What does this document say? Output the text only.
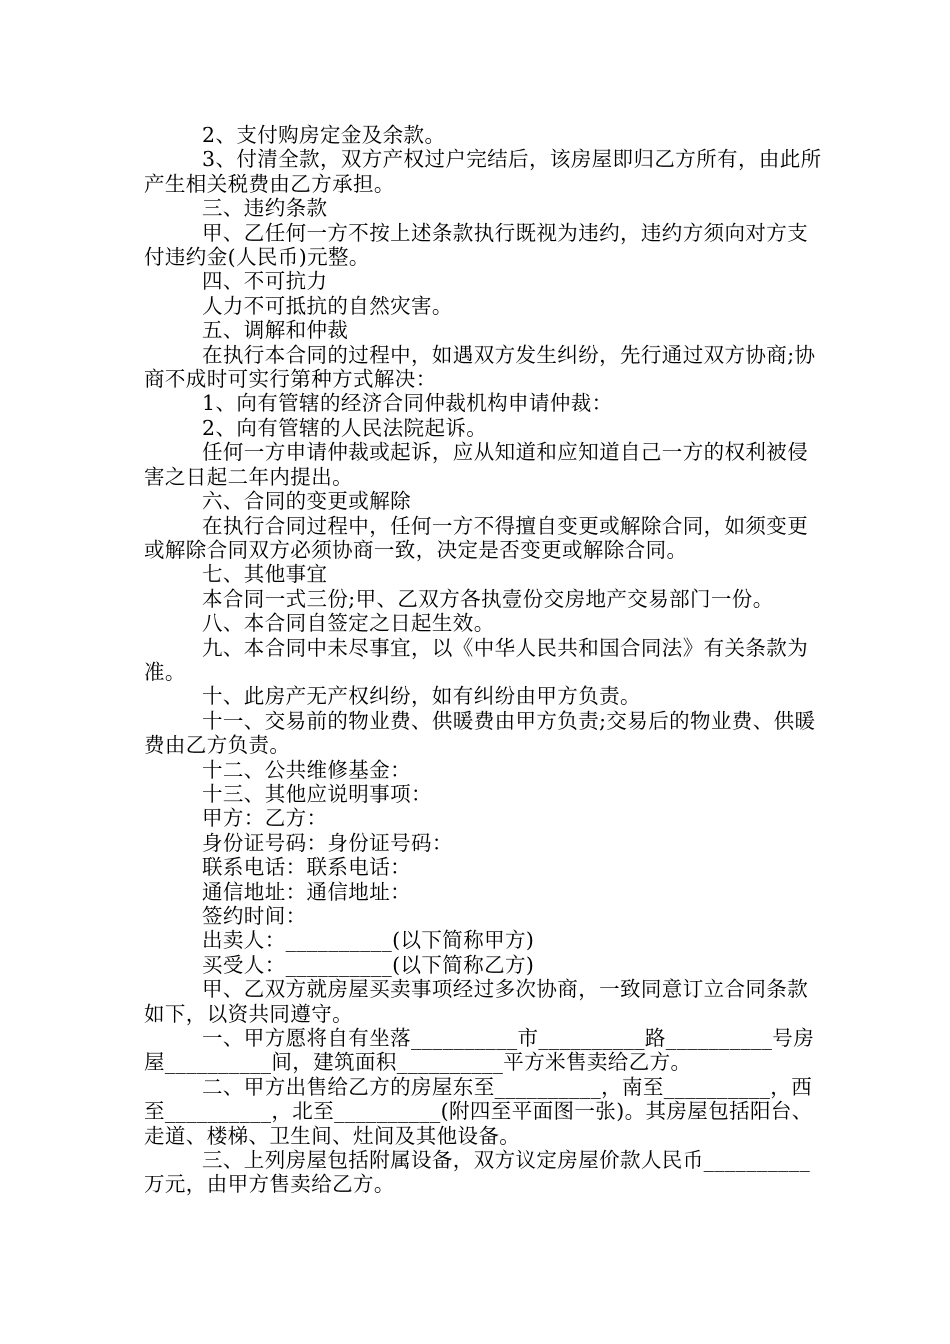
2、支付购房定金及余款。

3、付清全款，双方产权过户完结后，该房屋即归乙方所有，由此所产生相关税费由乙方承担。

三、违约条款

甲、乙任何一方不按上述条款执行既视为违约，违约方须向对方支付违约金(人民币)元整。

四、不可抗力

人力不可抵抗的自然灾害。

五、调解和仲裁

在执行本合同的过程中，如遇双方发生纠纷，先行通过双方协商;协商不成时可实行第种方式解决：

1、向有管辖的经济合同仲裁机构申请仲裁：

2、向有管辖的人民法院起诉。

任何一方申请仲裁或起诉，应从知道和应知道自己一方的权利被侵害之日起二年内提出。

六、合同的变更或解除

在执行合同过程中，任何一方不得擅自变更或解除合同，如须变更或解除合同双方必须协商一致，决定是否变更或解除合同。

七、其他事宜

本合同一式三份;甲、乙双方各执壹份交房地产交易部门一份。

八、本合同自签定之日起生效。

九、本合同中未尽事宜，以《中华人民共和国合同法》有关条款为准。

十、此房产无产权纠纷，如有纠纷由甲方负责。

十一、交易前的物业费、供暖费由甲方负责;交易后的物业费、供暖费由乙方负责。

十二、公共维修基金：

十三、其他应说明事项：

甲方：乙方：

身份证号码：身份证号码：

联系电话：联系电话：

通信地址：通信地址：

签约时间：

出卖人：__________(以下简称甲方)

买受人：__________(以下简称乙方)

甲、乙双方就房屋买卖事项经过多次协商，一致同意订立合同条款如下，以资共同遵守。

一、甲方愿将自有坐落__________市__________路__________号房屋__________间，建筑面积__________平方米售卖给乙方。

二、甲方出售给乙方的房屋东至__________，南至__________，西至__________，北至__________(附四至平面图一张)。其房屋包括阳台、走道、楼梯、卫生间、灶间及其他设备。

三、上列房屋包括附属设备，双方议定房屋价款人民币__________万元，由甲方售卖给乙方。
